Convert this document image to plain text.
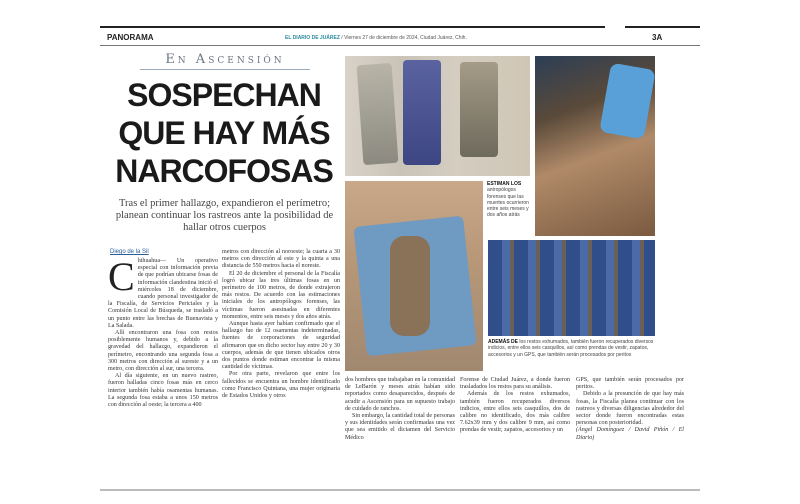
PANORAMA	EL DIARIO DE JUÁREZ / Viernes 27 de diciembre de 2024, Ciudad Juárez, Chih.	3A
En Ascensión
SOSPECHAN
QUE HAY MÁS
NARCOFOSAS
Tras el primer hallazgo, expandieron el perímetro; planean continuar los rastreos ante la posibilidad de hallar otros cuerpos
Diego de la Sil

Chihuahua— Un operativo especial con información previa de que podrían ubicarse fosas de información clandestina inició el miércoles 18 de diciembre, cuando personal investigador de la Fiscalía, de Servicios Periciales y la Comisión Local de Búsqueda, se trasladó a un punto entre las brechas de Buenavista y La Salada.

Allí encontraron una fosa con restos posiblemente humanos y, debido a la gravedad del hallazgo, expandieron el perímetro, encontrando una segunda fosa a 300 metros con dirección al sureste y a un metro, con dirección al sur, una tercera.

Al día siguiente, en un nuevo rastreo, fueron halladas cinco fosas más en cerco interior también había osamentas humanas. La segunda fosa estaba a unos 150 metros con dirección al oeste; la tercera a 400

metros con dirección al noroeste; la cuarta a 30 metros con dirección al este y la quinta a una distancia de 550 metros hacia el noreste.

El 20 de diciembre el personal de la Fiscalía logró ubicar las tres últimas fosas en un perímetro de 100 metros, de donde extrajeron más restos. De acuerdo con las estimaciones iniciales de los antropólogos forenses, las víctimas fueron asesinadas en diferentes momentos, entre seis meses y dos años atrás.

Aunque hasta ayer habían confirmado que el hallazgo fue de 12 osamentas indeterminadas, fuentes de corporaciones de seguridad afirmaron que en dicho sector hay entre 20 y 30 cuerpos, además de que tienen ubicados otros dos puntos donde estiman encontrar la misma cantidad de víctimas.

Por otra parte, revelaron que entre los fallecidos se encuentra un hombre identificado como Francisco Quintana, una mujer originaria de Estados Unidos y otros

dos hombres que trabajaban en la comunidad de LeBarón y meses atrás habían sido reportados como desaparecidos, después de acudir a Ascensión para un supuesto trabajo de cuidado de ranchos.

Sin embargo, la cantidad total de personas y sus identidades serán confirmadas una vez que sea emitido el dictamen del Servicio Médico

Forense de Ciudad Juárez, a donde fueron trasladados los restos para su análisis.

Además de los restos exhumados, también fueron recuperados diversos indicios, entre ellos seis casquillos, dos de calibre no identificado, dos más calibre 7.62x39 mm y dos calibre 9 mm, así como prendas de vestir, zapatos, accesorios y un

GPS, que también serán procesados por peritos.

Debido a la presunción de que hay más fosas, la Fiscalía planea continuar con los rastreos y diversas diligencias alrededor del sector donde fueron encontradas estas personas con posterioridad.

(Ángel Domínguez / David Piñón / El Diario)

ESTIMAN LOS antropólogos forenses que las muertes ocurrieron entre seis meses y dos años atrás
ADEMÁS DE los restos exhumados, también fueron recuperados diversos indicios, entre ellos seis casquillos, así como prendas de vestir, zapatos, accesorios y un GPS, que también serán procesados por peritos
